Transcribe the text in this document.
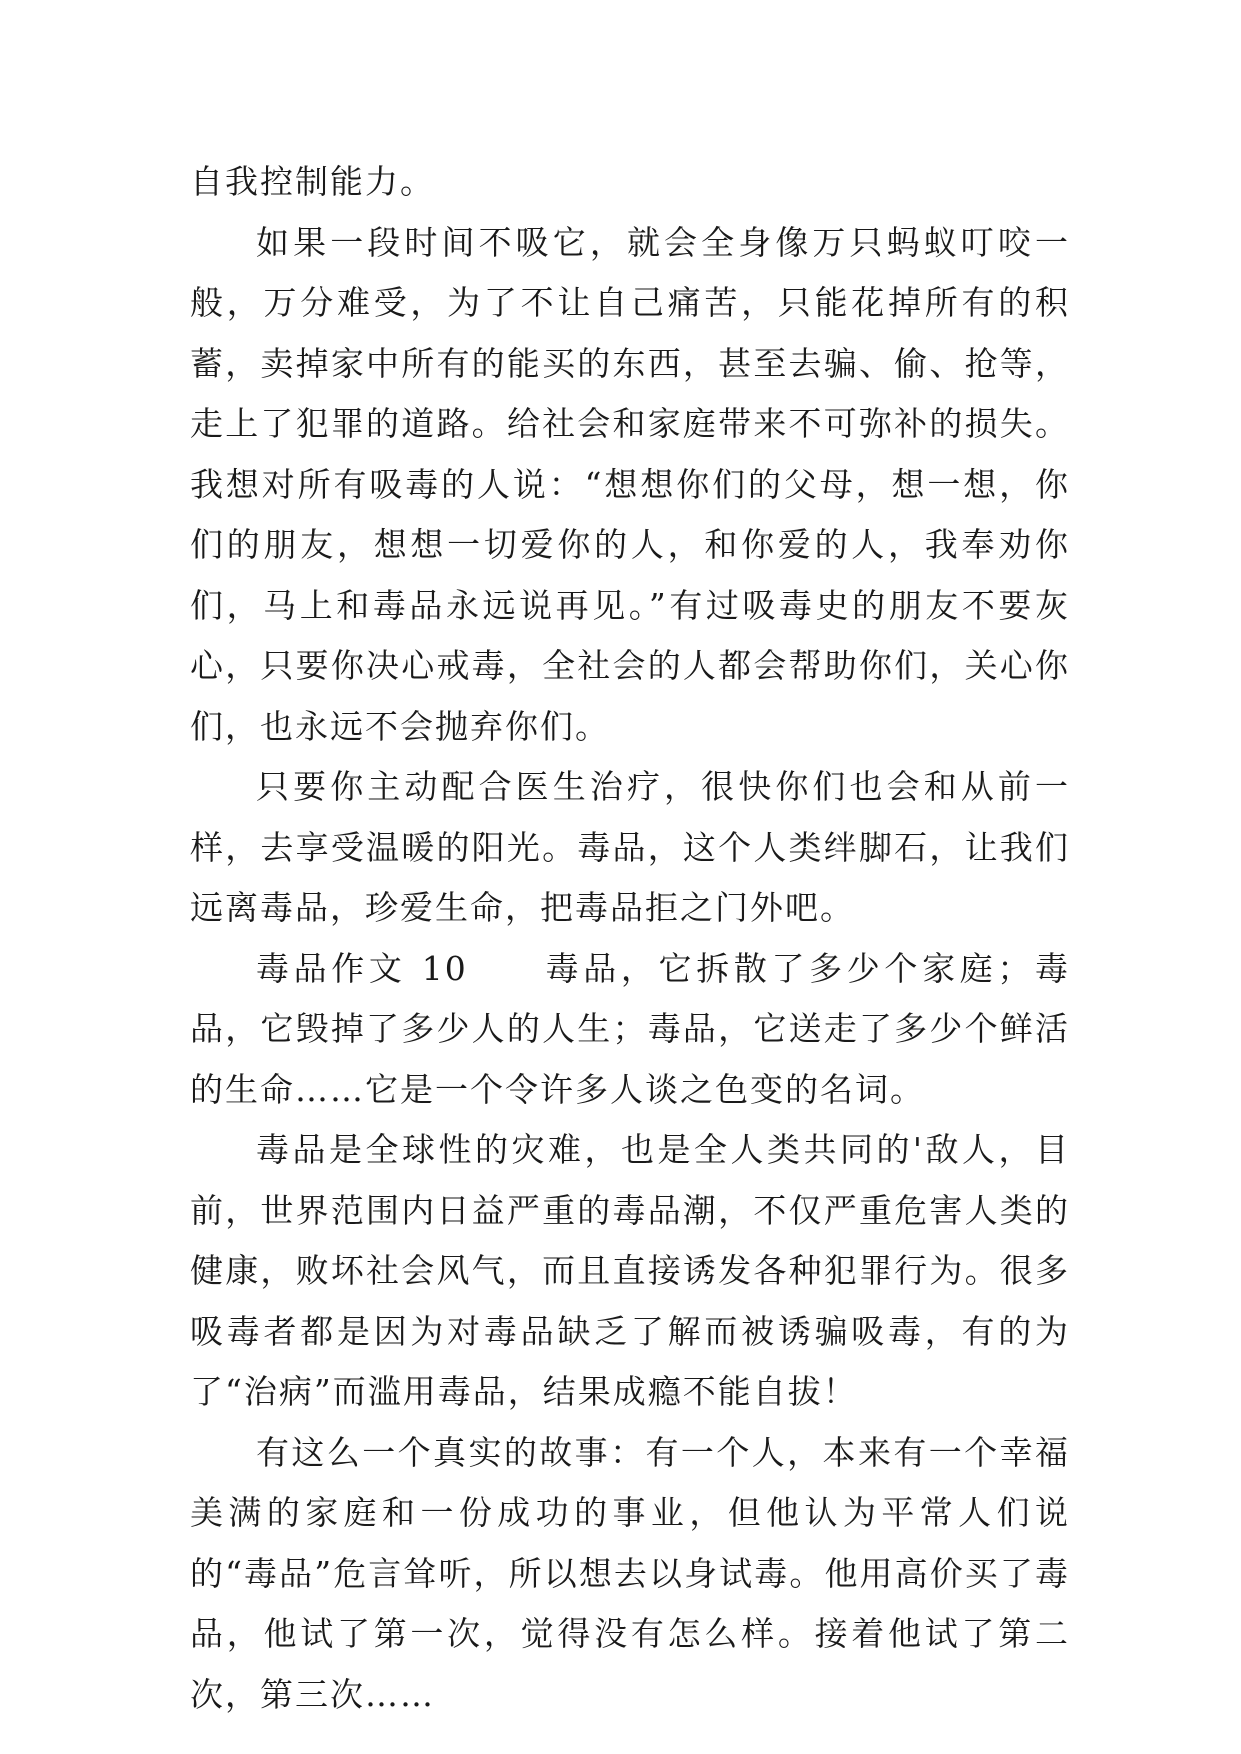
自我控制能力。

如果一段时间不吸它，就会全身像万只蚂蚁叮咬一般，万分难受，为了不让自己痛苦，只能花掉所有的积蓄，卖掉家中所有的能买的东西，甚至去骗、偷、抢等，走上了犯罪的道路。给社会和家庭带来不可弥补的损失。我想对所有吸毒的人说：“想想你们的父母，想一想，你们的朋友，想想一切爱你的人，和你爱的人，我奉劝你们，马上和毒品永远说再见。”有过吸毒史的朋友不要灰心，只要你决心戒毒，全社会的人都会帮助你们，关心你们，也永远不会抛弃你们。

只要你主动配合医生治疗，很快你们也会和从前一样，去享受温暖的阳光。毒品，这个人类绊脚石，让我们远离毒品，珍爱生命，把毒品拒之门外吧。

毒品作文 10　　毒品，它拆散了多少个家庭；毒品，它毁掉了多少人的人生；毒品，它送走了多少个鲜活的生命……它是一个令许多人谈之色变的名词。

毒品是全球性的灾难，也是全人类共同的'敌人，目前，世界范围内日益严重的毒品潮，不仅严重危害人类的健康，败坏社会风气，而且直接诱发各种犯罪行为。很多吸毒者都是因为对毒品缺乏了解而被诱骗吸毒，有的为了“治病”而滥用毒品，结果成瘾不能自拔！

有这么一个真实的故事：有一个人，本来有一个幸福美满的家庭和一份成功的事业，但他认为平常人们说的“毒品”危言耸听，所以想去以身试毒。他用高价买了毒品，他试了第一次，觉得没有怎么样。接着他试了第二次，第三次……
